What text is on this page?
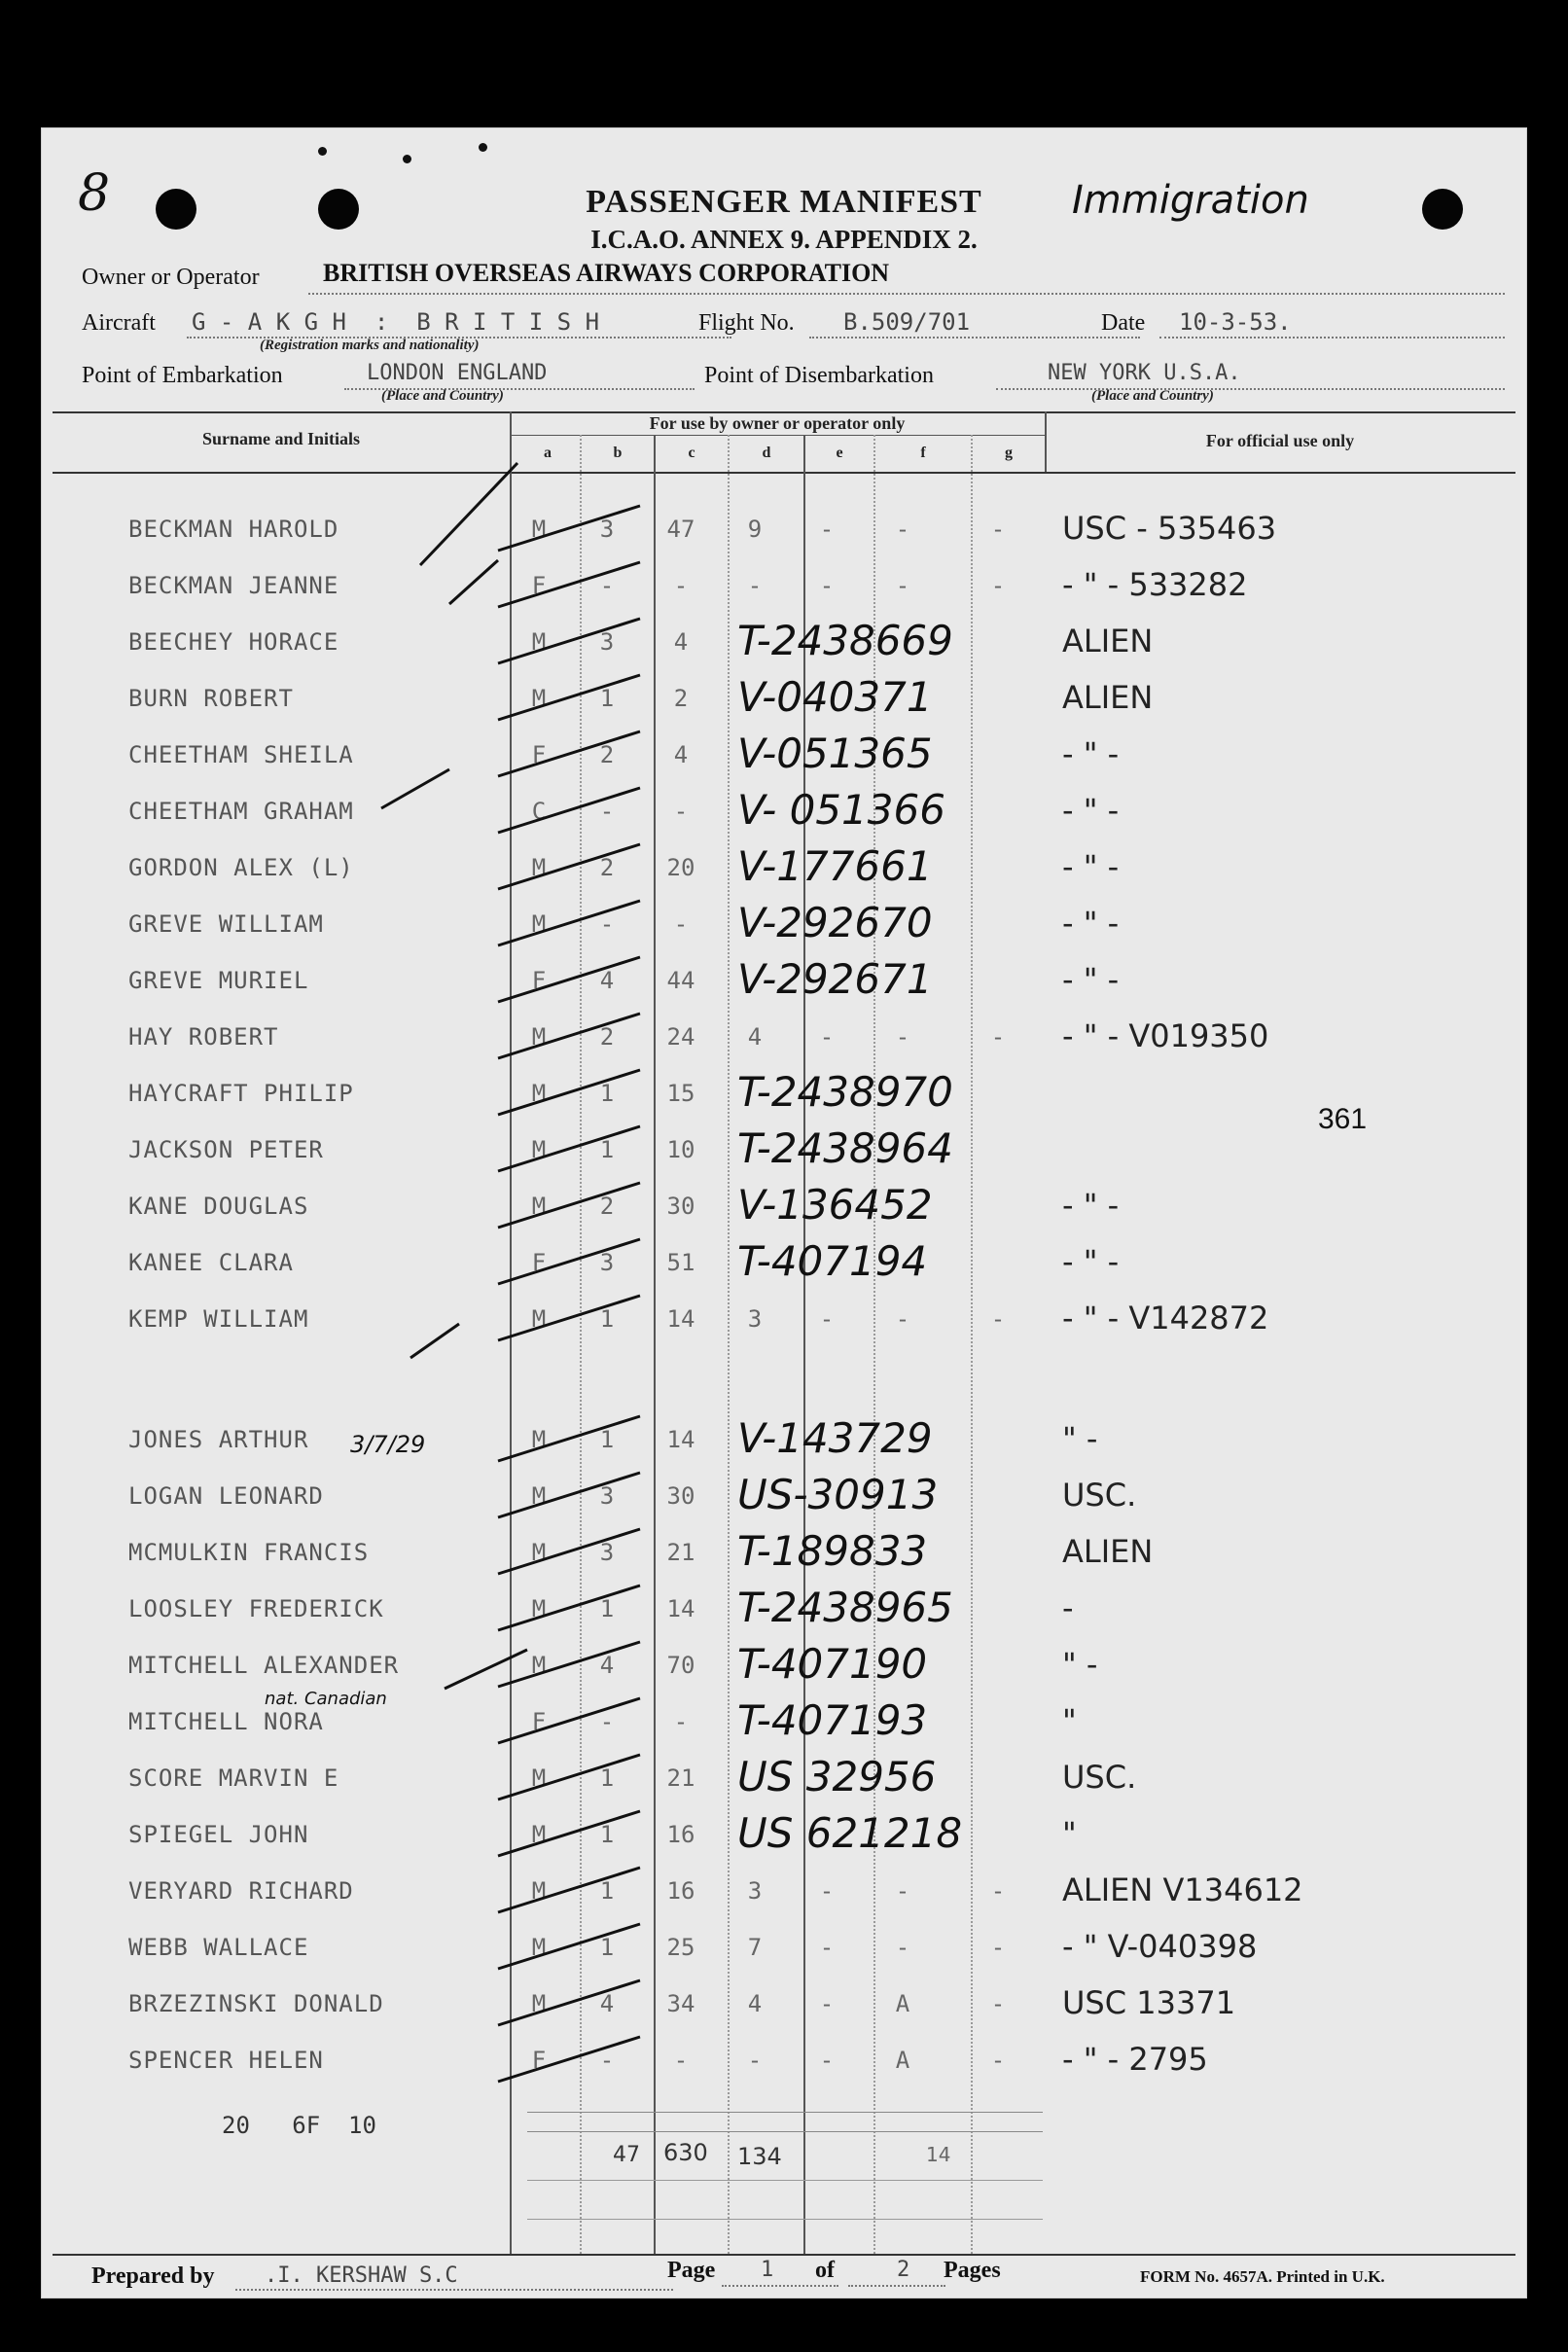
8	Immigration
PASSENGER MANIFEST
I.C.A.O. ANNEX 9. APPENDIX 2.
Owner or Operator	BRITISH OVERSEAS AIRWAYS CORPORATION
Aircraft G - A K G H  :  B R I T I S H
(Registration marks and nationality)
Flight No. B.509/701	Date 10-3-53.
Point of Embarkation	LONDON ENGLAND
(Place and Country)
Point of Disembarkation	NEW YORK U.S.A.
(Place and Country)
Surname and Initials
For use by owner or operator only
For official use only
a	b	c	d	e	f	g
BECKMAN HAROLD	M	3	47	9	-	-	-	USC - 535463
BECKMAN JEANNE	F	-	-	-	-	-	-	- " - 533282
BEECHEY HORACE	M	3	4	T-2438669	ALIEN
BURN ROBERT	M	1	2	V-040371	ALIEN
CHEETHAM SHEILA	F	2	4	V-051365	- " -
CHEETHAM GRAHAM	C	-	-	V- 051366	- " -
GORDON ALEX (L)	M	2	20	V-177661	- " -
GREVE WILLIAM	M	-	-	V-292670	- " -
GREVE MURIEL	F	4	44	V-292671	- " -
HAY ROBERT	M	2	24	4	-	-	-	- " - V019350
HAYCRAFT PHILIP	M	1	15	T-2438970
JACKSON PETER	M	1	10	T-2438964
KANE DOUGLAS	M	2	30	V-136452	- " -
KANEE CLARA	F	3	51	T-407194	- " -
KEMP WILLIAM	M	1	14	3	-	-	-	- " - V142872
JONES ARTHUR	M	1	14	V-143729	" -
LOGAN LEONARD	M	3	30	US-30913	USC.
MCMULKIN FRANCIS	M	3	21	T-189833	ALIEN
LOOSLEY FREDERICK	M	1	14	T-2438965	-
MITCHELL ALEXANDER	M	4	70	T-407190	" -
MITCHELL NORA	F	-	-	T-407193	"
SCORE MARVIN E	M	1	21	US 32956	USC.
SPIEGEL JOHN	M	1	16	US 621218	"
VERYARD RICHARD	M	1	16	3	-	-	-	ALIEN V134612
WEBB WALLACE	M	1	25	7	-	-	-	- " V-040398
BRZEZINSKI DONALD	M	4	34	4	-	A	-	USC 13371
SPENCER HELEN	F	-	-	-	-	A	-	- " - 2795
3/7/29
nat. Canadian
361
20   6F  10
47 630 134	14
Prepared by .I. KERSHAW S.C	Page 1 of	2 Pages	FORM No. 4657A. Printed in U.K.
